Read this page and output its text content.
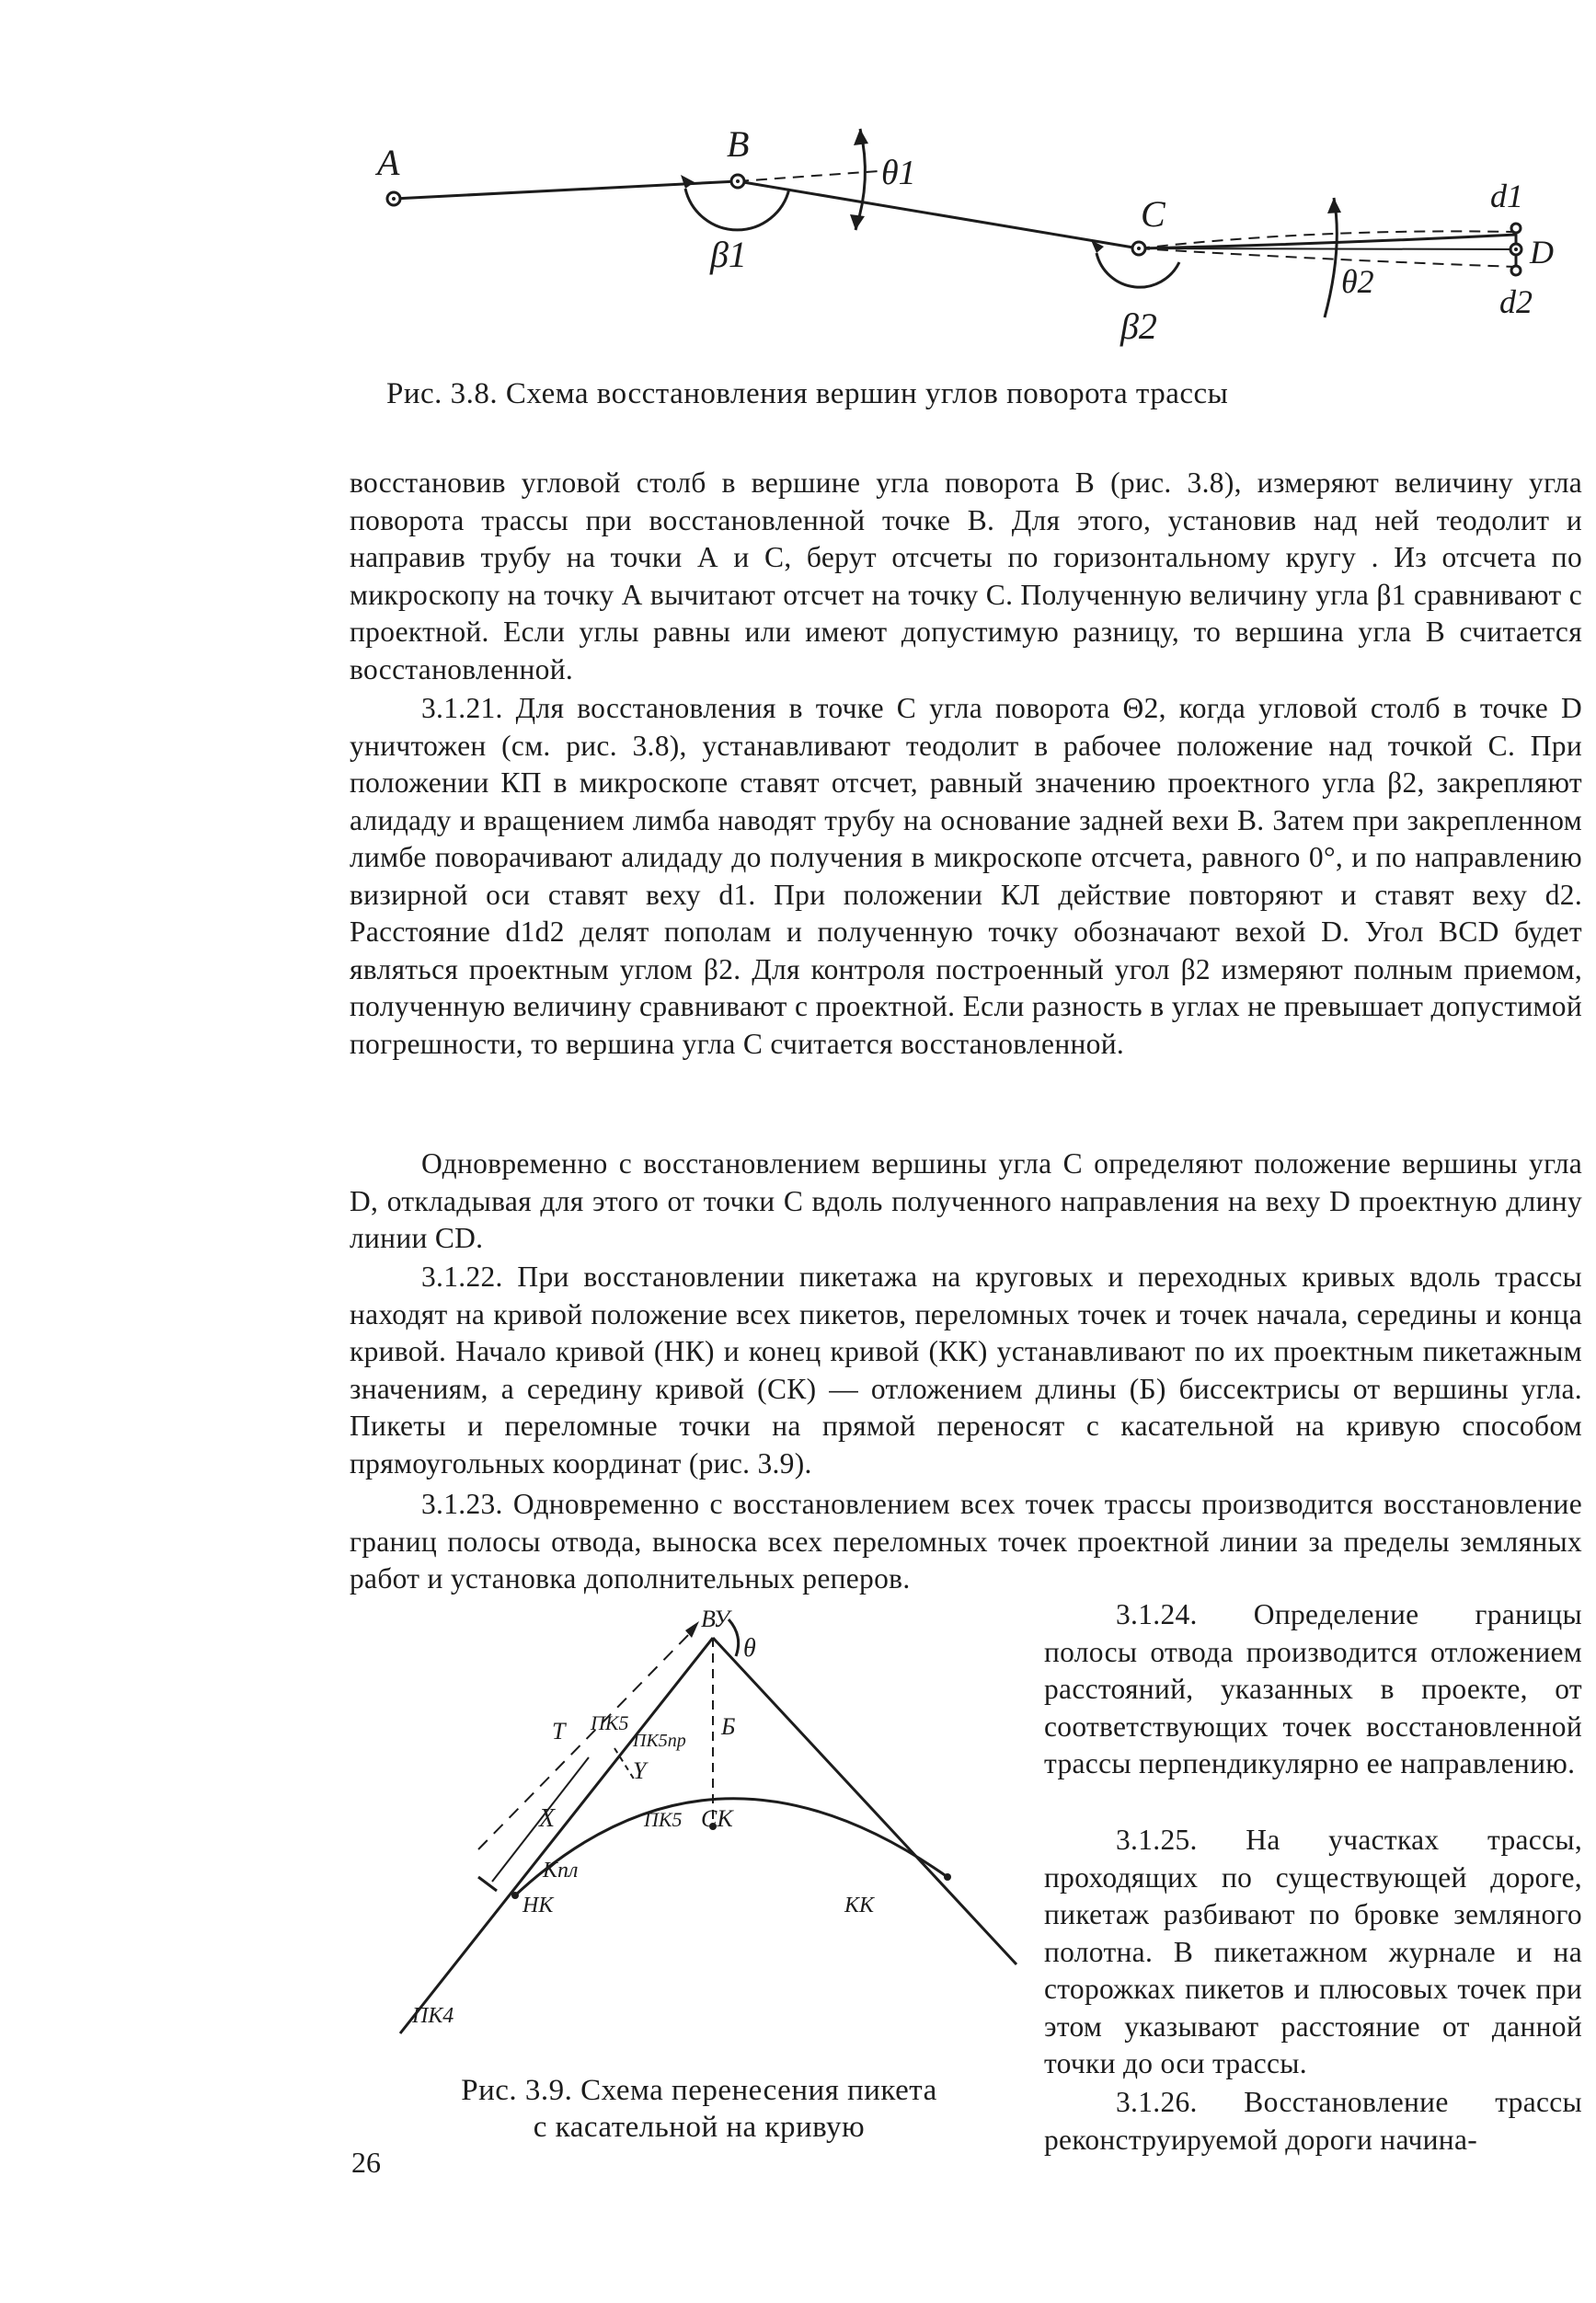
A	В
C
D
θ1
θ2
β1
β2
d1
d2
Рис. 3.8. Схема восстановления вершин углов поворота трассы

восстановив угловой столб в вершине угла поворота В (рис. 3.8), измеряют величину угла поворота трассы при восстановленной точке В. Для этого, установив над ней теодолит и направив трубу на точки А и С, берут отсчеты по горизонтальному кругу . Из отсчета по микроскопу на точку А вычитают отсчет на точку С. Полученную величину угла β1 сравнивают с проектной. Если углы равны или имеют допустимую разницу, то вершина угла В считается восстановленной.

3.1.21. Для восстановления в точке С угла поворота Θ2, когда угловой столб в точке D уничтожен (см. рис. 3.8), устанавливают теодолит в рабочее положение над точкой С. При положении КП в микроскопе ставят отсчет, равный значению проектного угла β2, закрепляют алидаду и вращением лимба наводят трубу на основание задней вехи В. Затем при закрепленном лимбе поворачивают алидаду до получения в микроскопе отсчета, равного 0°, и по направлению визирной оси ставят веху d1. При положении КЛ действие повторяют и ставят веху d2. Расстояние d1d2 делят пополам и полученную точку обозначают вехой D. Угол ВСD будет являться проектным углом β2. Для контроля построенный угол β2 измеряют полным приемом, полученную величину сравнивают с проектной. Если разность в углах не превышает допустимой погрешности, то вершина угла С считается восстановленной.

Одновременно с восстановлением вершины угла С определяют положение вершины угла D, откладывая для этого от точки С вдоль полученного направления на веху D проектную длину линии СD.

3.1.22. При восстановлении пикетажа на круговых и переходных кривых вдоль трассы находят на кривой положение всех пикетов, переломных точек и точек начала, середины и конца кривой. Начало кривой (НК) и конец кривой (КК) устанавливают по их проектным пикетажным значениям, а середину кривой (СК) — отложением длины (Б) биссектрисы от вершины угла. Пикеты и переломные точки на прямой переносят с касательной на кривую способом прямоугольных координат (рис. 3.9).

3.1.23. Одновременно с восстановлением всех точек трассы производится восстановление границ полосы отвода, выноска всех переломных точек проектной линии за пределы земляных работ и установка дополнительных реперов.

3.1.24. Определение границы полосы отвода производится отложением расстояний, указанных в проекте, от соответствующих точек восстановленной трассы перпендикулярно ее направлению.

3.1.25. На участках трассы, проходящих по существующей дороге, пикетаж разбивают по бровке земляного полотна. В пикетажном журнале и на сторожках пикетов и плюсовых точек при этом указывают расстояние от данной точки до оси трассы.

3.1.26. Восстановление трассы реконструируемой дороги начина-

ВУ
θ
Т ПК5
ПК5пр
Б
Y
X	ПК5 СК
Кпл
НК	КК
ПК4
Рис. 3.9. Схема перенесения пикета
с касательной на кривую
26
